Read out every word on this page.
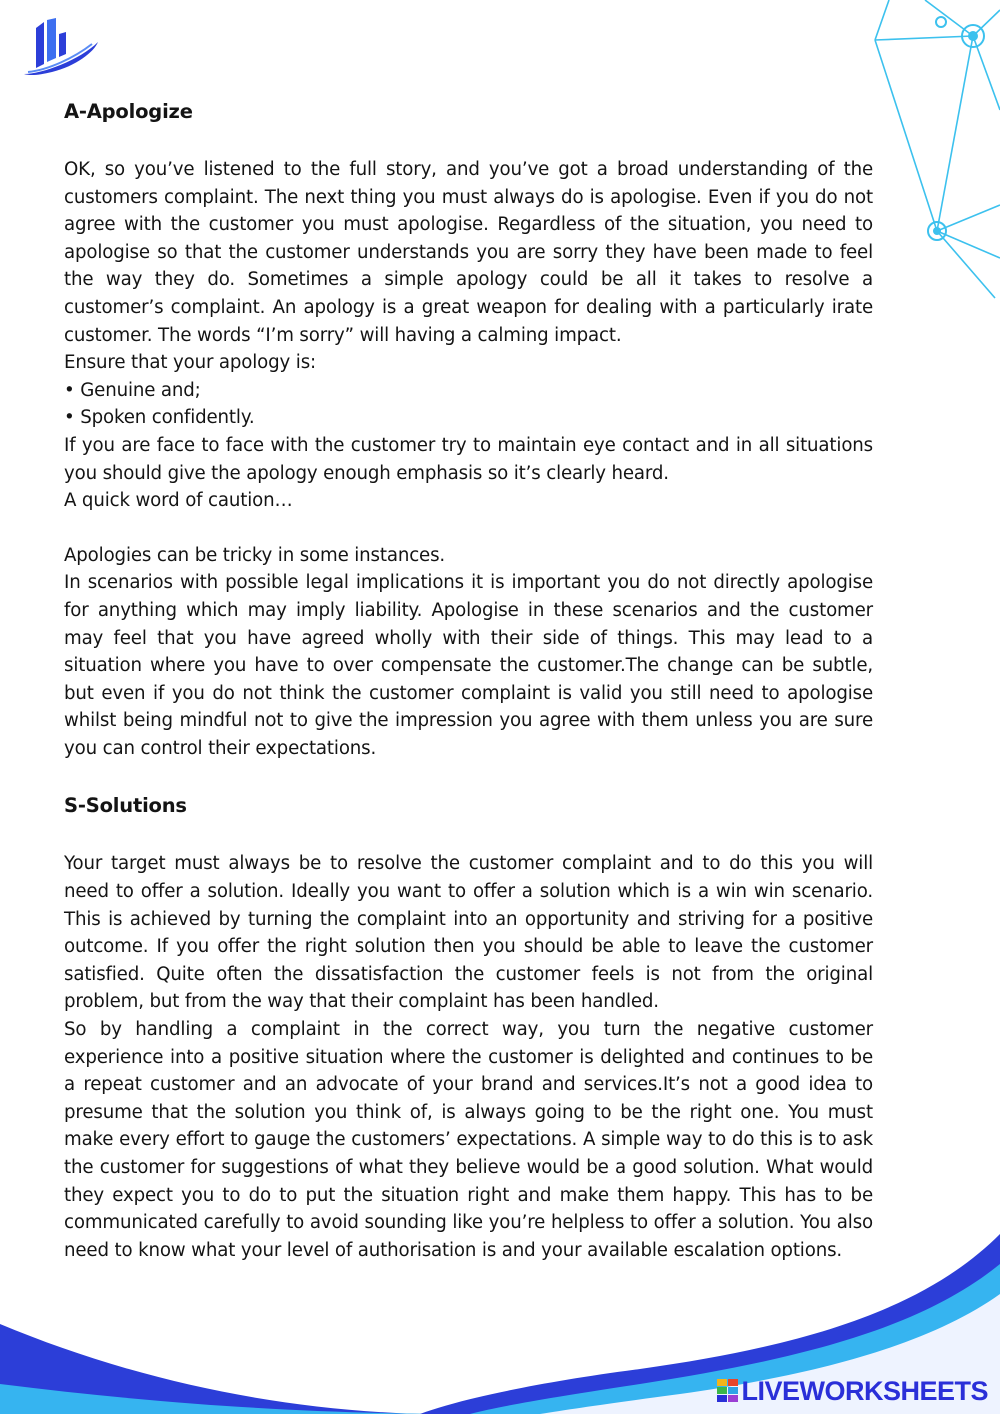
A-Apologize

OK, so you’ve listened to the full story, and you’ve got a broad understanding of the customers complaint. The next thing you must always do is apologise. Even if you do not agree with the customer you must apologise. Regardless of the situation, you need to apologise so that the customer understands you are sorry they have been made to feel the way they do. Sometimes a simple apology could be all it takes to resolve a customer’s complaint. An apology is a great weapon for dealing with a particularly irate customer. The words “I’m sorry” will having a calming impact.

Ensure that your apology is:

• Genuine and;

• Spoken confidently.

If you are face to face with the customer try to maintain eye contact and in all situations you should give the apology enough emphasis so it’s clearly heard.

A quick word of caution…

Apologies can be tricky in some instances.

In scenarios with possible legal implications it is important you do not directly apologise for anything which may imply liability. Apologise in these scenarios and the customer may feel that you have agreed wholly with their side of things. This may lead to a situation where you have to over compensate the customer.The change can be subtle, but even if you do not think the customer complaint is valid you still need to apologise whilst being mindful not to give the impression you agree with them unless you are sure you can control their expectations.

S-Solutions

Your target must always be to resolve the customer complaint and to do this you will need to offer a solution. Ideally you want to offer a solution which is a win win scenario. This is achieved by turning the complaint into an opportunity and striving for a positive outcome. If you offer the right solution then you should be able to leave the customer satisfied. Quite often the dissatisfaction the customer feels is not from the original problem, but from the way that their complaint has been handled.

So by handling a complaint in the correct way, you turn the negative customer experience into a positive situation where the customer is delighted and continues to be a repeat customer and an advocate of your brand and services.It’s not a good idea to presume that the solution you think of, is always going to be the right one. You must make every effort to gauge the customers’ expectations. A simple way to do this is to ask the customer for suggestions of what they believe would be a good solution. What would they expect you to do to put the situation right and make them happy. This has to be communicated carefully to avoid sounding like you’re helpless to offer a solution. You also need to know what your level of authorisation is and your available escalation options.

LIVEWORKSHEETS
